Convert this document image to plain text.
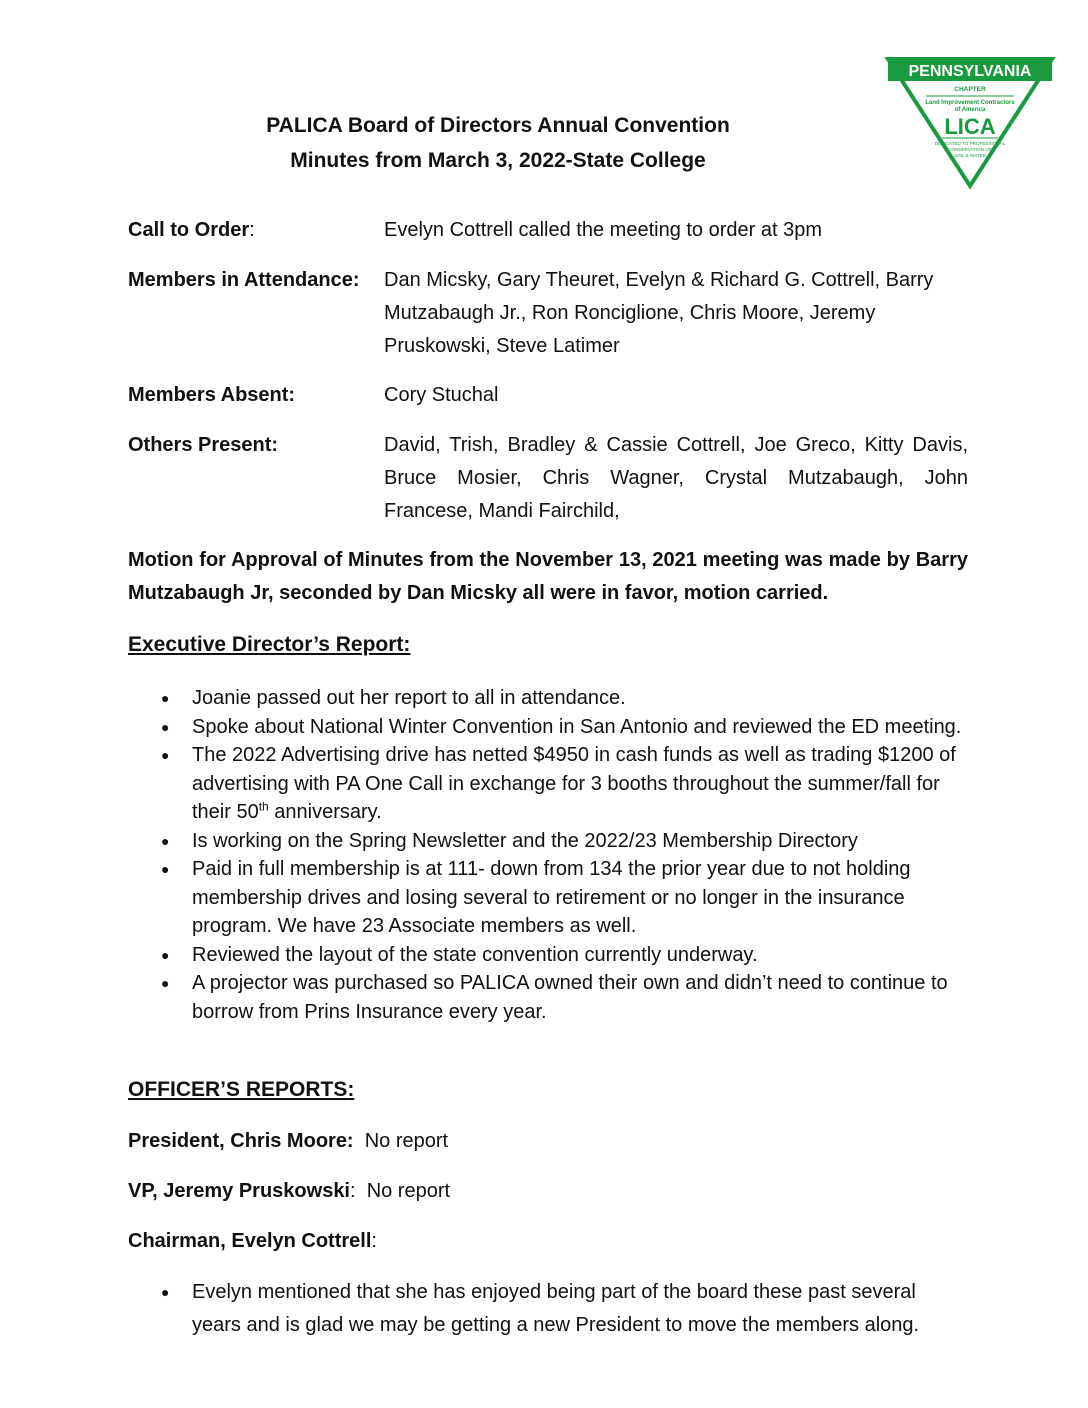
PENNSYLVANIA
CHAPTER
Land Improvement Contractors
of America
LICA
DEDICATED TO PROFESSIONAL
CONSERVATION OF
SOIL & WATER
PALICA Board of Directors Annual Convention
Minutes from March 3, 2022-State College
Call to Order:	Evelyn Cottrell called the meeting to order at 3pm
Members in Attendance: Dan Micsky, Gary Theuret, Evelyn & Richard G. Cottrell, Barry Mutzabaugh Jr., Ron Ronciglione, Chris Moore, Jeremy Pruskowski, Steve Latimer
Members Absent:	Cory Stuchal
Others Present:	David, Trish, Bradley & Cassie Cottrell, Joe Greco, Kitty Davis, Bruce Mosier, Chris Wagner, Crystal Mutzabaugh, John Francese, Mandi Fairchild,
Motion for Approval of Minutes from the November 13, 2021 meeting was made by Barry Mutzabaugh Jr, seconded by Dan Micsky all were in favor, motion carried.
Executive Director’s Report:
● Joanie passed out her report to all in attendance.
● Spoke about National Winter Convention in San Antonio and reviewed the ED meeting.
● The 2022 Advertising drive has netted $4950 in cash funds as well as trading $1200 of advertising with PA One Call in exchange for 3 booths throughout the summer/fall for their 50th anniversary.
● Is working on the Spring Newsletter and the 2022/23 Membership Directory
● Paid in full membership is at 111- down from 134 the prior year due to not holding membership drives and losing several to retirement or no longer in the insurance program. We have 23 Associate members as well.
● Reviewed the layout of the state convention currently underway.
● A projector was purchased so PALICA owned their own and didn’t need to continue to borrow from Prins Insurance every year.
OFFICER’S REPORTS:
President, Chris Moore: No report
VP, Jeremy Pruskowski: No report
Chairman, Evelyn Cottrell:
● Evelyn mentioned that she has enjoyed being part of the board these past several years and is glad we may be getting a new President to move the members along.
